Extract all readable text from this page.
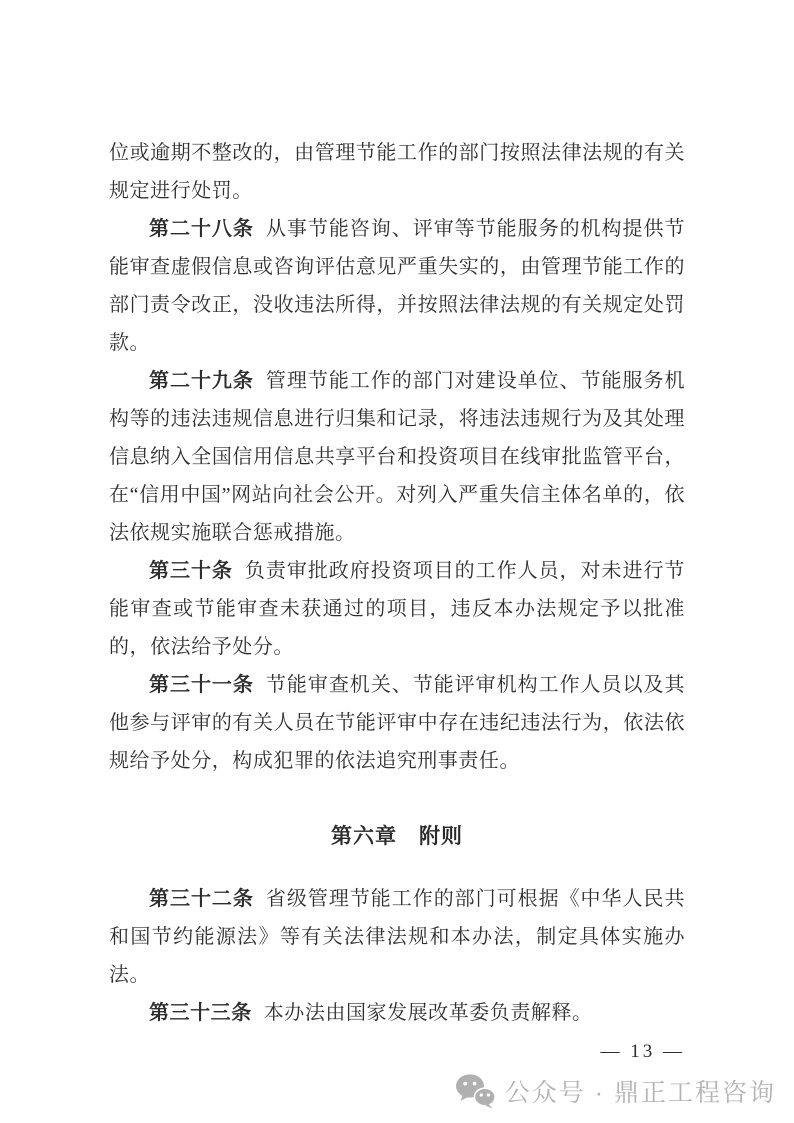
位或逾期不整改的，由管理节能工作的部门按照法律法规的有关规定进行处罚。

第二十八条 从事节能咨询、评审等节能服务的机构提供节能审查虚假信息或咨询评估意见严重失实的，由管理节能工作的部门责令改正，没收违法所得，并按照法律法规的有关规定处罚款。

第二十九条 管理节能工作的部门对建设单位、节能服务机构等的违法违规信息进行归集和记录，将违法违规行为及其处理信息纳入全国信用信息共享平台和投资项目在线审批监管平台，在“信用中国”网站向社会公开。对列入严重失信主体名单的，依法依规实施联合惩戒措施。

第三十条 负责审批政府投资项目的工作人员，对未进行节能审查或节能审查未获通过的项目，违反本办法规定予以批准的，依法给予处分。

第三十一条 节能审查机关、节能评审机构工作人员以及其他参与评审的有关人员在节能评审中存在违纪违法行为，依法依规给予处分，构成犯罪的依法追究刑事责任。

第六章　附则

第三十二条 省级管理节能工作的部门可根据《中华人民共和国节约能源法》等有关法律法规和本办法，制定具体实施办法。

第三十三条 本办法由国家发展改革委负责解释。

— 13 —
公众号 · 鼎正工程咨询
